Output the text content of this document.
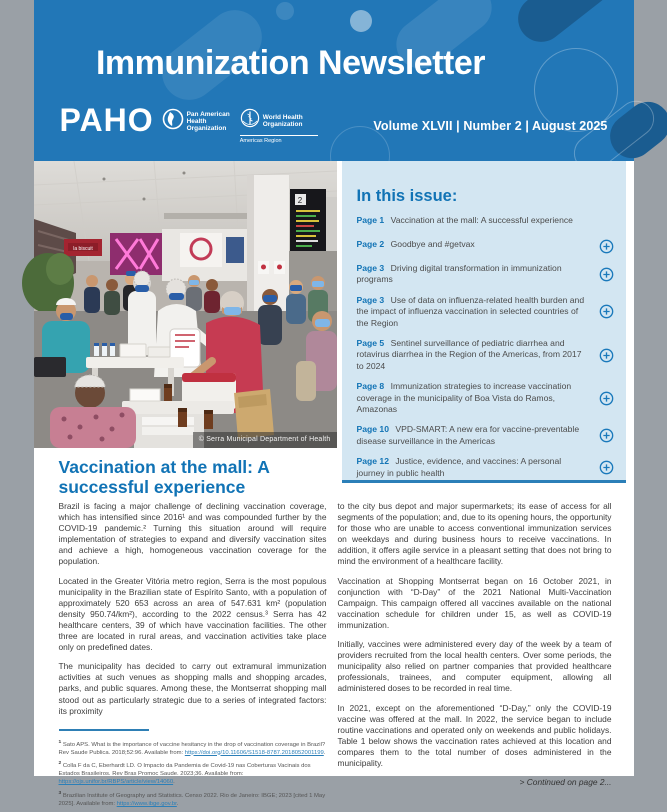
Immunization Newsletter
PAHO	Pan American
Health
Organization
World Health
Organization
Americas Region
Volume XLVII | Number 2 | August 2025
la biscuit
2
© Serra Municipal Department of Health
In this issue:
Page 1 Vaccination at the mall: A successful experience
Page 2 Goodbye and #getvax
Page 3 Driving digital transformation in immunization programs
Page 3 Use of data on influenza-related health burden and the impact of influenza vaccination in selected countries of the Region
Page 5 Sentinel surveillance of pediatric diarrhea and rotavirus diarrhea in the Region of the Americas, from 2017 to 2024
Page 8 Immunization strategies to increase vaccination coverage in the municipality of Boa Vista do Ramos, Amazonas
Page 10 VPD-SMART: A new era for vaccine-preventable disease surveillance in the Americas
Page 12 Justice, evidence, and vaccines: A personal journey in public health
Vaccination at the mall: A successful experience

Brazil is facing a major challenge of declining vaccination coverage, which has intensified since 2016¹ and was compounded further by the COVID-19 pandemic.² Turning this situation around will require implementation of strategies to expand and diversify vaccination sites and achieve a high, homogeneous vaccination coverage for the population.

Located in the Greater Vitória metro region, Serra is the most populous municipality in the Brazilian state of Espírito Santo, with a population of approximately 520 653 across an area of 547.631 km² (population density 950.74/km²), according to the 2022 census.³ Serra has 42 healthcare centers, 39 of which have vaccination facilities. The other three are located in rural areas, and vaccination activities take place only on predefined dates.

The municipality has decided to carry out extramural immunization activities at such venues as shopping malls and shopping arcades, parks, and public squares. Among these, the Montserrat shopping mall stood out as particularly strategic due to a series of integrated factors: its proximity

$^1$ Sato APS. What is the importance of vaccine hesitancy in the drop of vaccination coverage in Brazil? Rev Saude Publica. 2018;52:96. Available from: https://doi.org/10.11606/S1518-8787.2018052001199.
$^2$ Colla F da C, Eberhardt LD. O Impacto da Pandemia de Covid-19 nas Coberturas Vacinais dos Estados Brasileiros. Rev Bras Promoc Saude. 2023;36. Available from: https://ojs.unifor.br/RBPS/article/view/14060.
$^3$ Brazilian Institute of Geography and Statistics. Censo 2022. Rio de Janeiro: IBGE; 2023 [cited 1 May 2025]. Available from: https://www.ibge.gov.br.

to the city bus depot and major supermarkets; its ease of access for all segments of the population; and, due to its opening hours, the opportunity for those who are unable to access conventional immunization services on weekdays and during business hours to receive vaccinations. In addition, it offers agile service in a pleasant setting that does not bring to mind the environment of a healthcare facility.

Vaccination at Shopping Montserrat began on 16 October 2021, in conjunction with “D-Day” of the 2021 National Multi-Vaccination Campaign. This campaign offered all vaccines available on the national vaccination schedule for children under 15, as well as COVID-19 immunization.

Initially, vaccines were administered every day of the week by a team of providers recruited from the local health centers. Over some periods, the municipality also relied on partner companies that provided healthcare professionals, trainees, and computer equipment, allowing all administered doses to be recorded in real time.

In 2021, except on the aforementioned “D-Day,” only the COVID-19 vaccine was offered at the mall. In 2022, the service began to include routine vaccinations and operated only on weekends and public holidays. Table 1 below shows the vaccination rates achieved at this location and compares them to the total number of doses administered in the municipality.

> Continued on page 2...
